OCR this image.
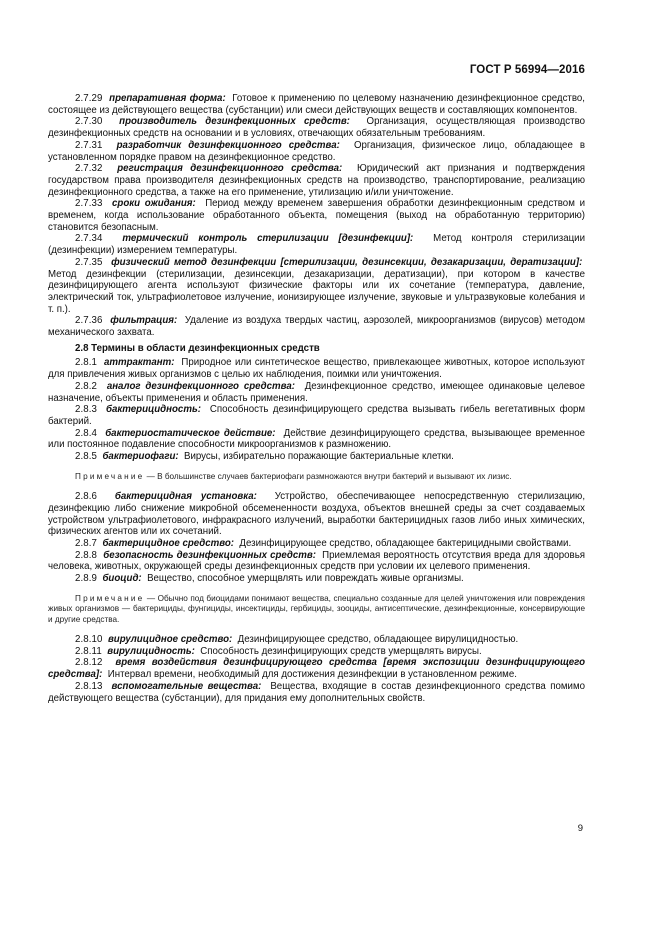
ГОСТ Р 56994—2016
2.7.29 препаративная форма: Готовое к применению по целевому назначению дезинфекционное средство, состоящее из действующего вещества (субстанции) или смеси действующих веществ и составляющих компонентов.
2.7.30 производитель дезинфекционных средств: Организация, осуществляющая производство дезинфекционных средств на основании и в условиях, отвечающих обязательным требованиям.
2.7.31 разработчик дезинфекционного средства: Организация, физическое лицо, обладающее в установленном порядке правом на дезинфекционное средство.
2.7.32 регистрация дезинфекционного средства: Юридический акт признания и подтверждения государством права производителя дезинфекционных средств на производство, транспортирование, реализацию дезинфекционного средства, а также на его применение, утилизацию и/или уничтожение.
2.7.33 сроки ожидания: Период между временем завершения обработки дезинфекционным средством и временем, когда использование обработанного объекта, помещения (выход на обработанную территорию) становится безопасным.
2.7.34 термический контроль стерилизации [дезинфекции]: Метод контроля стерилизации (дезинфекции) измерением температуры.
2.7.35 физический метод дезинфекции [стерилизации, дезинсекции, дезакаризации, дератизации]:  Метод дезинфекции (стерилизации, дезинсекции, дезакаризации, дератизации), при котором в качестве дезинфицирующего агента используют физические факторы или их сочетание (температура, давление, электрический ток, ультрафиолетовое излучение, ионизирующее излучение, звуковые и ультразвуковые колебания и т. п.).
2.7.36 фильтрация: Удаление из воздуха твердых частиц, аэрозолей, микроорганизмов (вирусов) методом механического захвата.
2.8 Термины в области дезинфекционных средств
2.8.1 аттрактант: Природное или синтетическое вещество, привлекающее животных, которое используют для привлечения живых организмов с целью их наблюдения, поимки или уничтожения.
2.8.2 аналог дезинфекционного средства: Дезинфекционное средство, имеющее одинаковые целевое назначение, объекты применения и область применения.
2.8.3 бактерицидность: Способность дезинфицирующего средства вызывать гибель вегетативных форм бактерий.
2.8.4 бактериостатическое действие: Действие дезинфицирующего средства, вызывающее временное или постоянное подавление способности микроорганизмов к размножению.
2.8.5 бактериофаги: Вирусы, избирательно поражающие бактериальные клетки.
Примечание — В большинстве случаев бактериофаги размножаются внутри бактерий и вызывают их лизис.
2.8.6 бактерицидная установка: Устройство, обеспечивающее непосредственную стерилизацию, дезинфекцию либо снижение микробной обсемененности воздуха, объектов внешней среды за счет создаваемых устройством ультрафиолетового, инфракрасного излучений, выработки бактерицидных газов либо иных химических, физических агентов или их сочетаний.
2.8.7 бактерицидное средство: Дезинфицирующее средство, обладающее бактерицидными свойствами.
2.8.8 безопасность дезинфекционных средств: Приемлемая вероятность отсутствия вреда для здоровья человека, животных, окружающей среды дезинфекционных средств при условии их целевого применения.
2.8.9 биоцид: Вещество, способное умерщвлять или повреждать живые организмы.
Примечание — Обычно под биоцидами понимают вещества, специально созданные для целей уничтожения или повреждения живых организмов — бактерициды, фунгициды, инсектициды, гербициды, зооциды, антисептические, дезинфекционные, консервирующие и другие средства.
2.8.10 вирулицидное средство: Дезинфицирующее средство, обладающее вирулицидностью.
2.8.11 вирулицидность: Способность дезинфицирующих средств умерщвлять вирусы.
2.8.12 время воздействия дезинфицирующего средства [время экспозиции дезинфицирующего средства]: Интервал времени, необходимый для достижения дезинфекции в установленном режиме.
2.8.13 вспомогательные вещества: Вещества, входящие в состав дезинфекционного средства помимо действующего вещества (субстанции), для придания ему дополнительных свойств.
9
